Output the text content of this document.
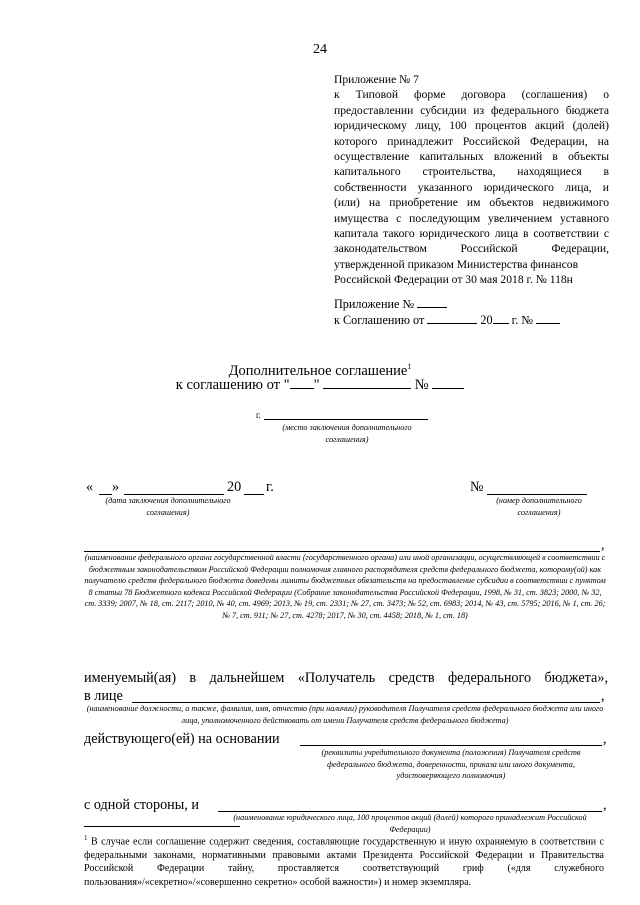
24
Приложение № 7
к Типовой форме договора (соглашения) о
предоставлении субсидии из федерального бюджета
юридическому лицу, 100 процентов акций (долей)
которого принадлежит Российской Федерации, на
осуществление капитальных вложений в объекты
капитального строительства, находящиеся в
собственности указанного юридического лица, и
(или) на приобретение им объектов недвижимого
имущества с последующим увеличением уставного
капитала такого юридического лица в соответствии с
законодательством Российской Федерации,
утвержденной приказом Министерства финансов
Российской Федерации от 30 мая 2018 г. № 118н
Приложение №
к Соглашению от	20 г. №
Дополнительное соглашение$^1$
к соглашению от " "	№
г.
(место заключения дополнительного соглашения)
« »	20 г.
(дата заключения дополнительного соглашения)
№
(номер дополнительного соглашения)
,
(наименование федерального органа государственной власти (государственного органа) или иной организации, осуществляющей в соответствии с бюджетным законодательством Российской Федерации полномочия главного распорядителя средств федерального бюджета, которому(ой) как получателю средств федерального бюджета доведены лимиты бюджетных обязательств на предоставление субсидии в соответствии с пунктом 8 статьи 78 Бюджетного кодекса Российской Федерации (Собрание законодательства Российской Федерации, 1998, № 31, ст. 3823; 2000, № 32, ст. 3339; 2007, № 18, ст. 2117; 2010, № 40, ст. 4969; 2013, № 19, ст. 2331; № 27, ст. 3473; № 52, ст. 6983; 2014, № 43, ст. 5795; 2016, № 1, ст. 26; № 7, ст. 911; № 27, ст. 4278; 2017, № 30, ст. 4458; 2018, № 1, ст. 18)
именуемый(ая) в дальнейшем «Получатель средств федерального бюджета»,
в лице	,
(наименование должности, а также, фамилия, имя, отчество (при наличии) руководителя Получателя средств федерального бюджета или иного лица, уполномоченного действовать от имени Получателя средств федерального бюджета)
действующего(ей) на основании	,
(реквизиты учредительного документа (положения) Получателя средств федерального бюджета, доверенности, приказа или иного документа, удостоверяющего полномочия)
с одной стороны, и	,
(наименование юридического лица, 100 процентов акций (долей) которого принадлежит Российской Федерации)
$^1$ В случае если соглашение содержит сведения, составляющие государственную и иную охраняемую в соответствии с федеральными законами, нормативными правовыми актами Президента Российской Федерации и Правительства Российской Федерации тайну, проставляется соответствующий гриф («для служебного пользования»/«секретно»/«совершенно секретно» особой важности») и номер экземпляра.
